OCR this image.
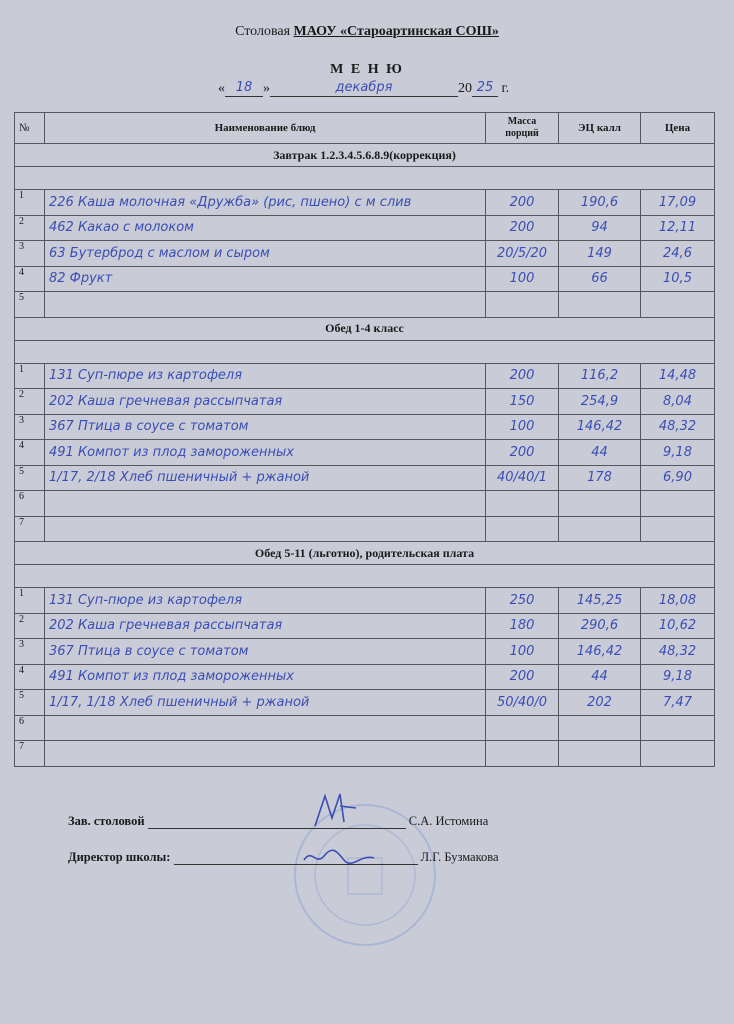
Столовая МАОУ «Староартинская СОШ»
М Е Н Ю
« 18 »	декабря	20 25 г.
№	Наименование блюд	Масса порций	ЭЦ калл	Цена
Завтрак 1.2.3.4.5.6.8.9(коррекция)				

1	226 Каша молочная «Дружба» (рис, пшено) с м слив	200	190,6	17,09
2	462 Какао с молоком	200	94	12,11
3	63 Бутерброд с маслом и сыром	20/5/20	149	24,6
4	82 Фрукт	100	66	10,5
5				
Обед 1-4 класс				

1	131 Суп-пюре из картофеля	200	116,2	14,48
2	202 Каша гречневая рассыпчатая	150	254,9	8,04
3	367 Птица в соусе с томатом	100	146,42	48,32
4	491 Компот из плод замороженных	200	44	9,18
5	1/17, 2/18 Хлеб пшеничный + ржаной	40/40/1	178	6,90
6				
7				
Обед 5-11 (льготно), родительская плата				

1	131 Суп-пюре из картофеля	250	145,25	18,08
2	202 Каша гречневая рассыпчатая	180	290,6	10,62
3	367 Птица в соусе с томатом	100	146,42	48,32
4	491 Компот из плод замороженных	200	44	9,18
5	1/17, 1/18 Хлеб пшеничный + ржаной	50/40/0	202	7,47
6				
7				
Зав. столовой	С.А. Истомина
Директор школы:	Л.Г. Бузмакова
